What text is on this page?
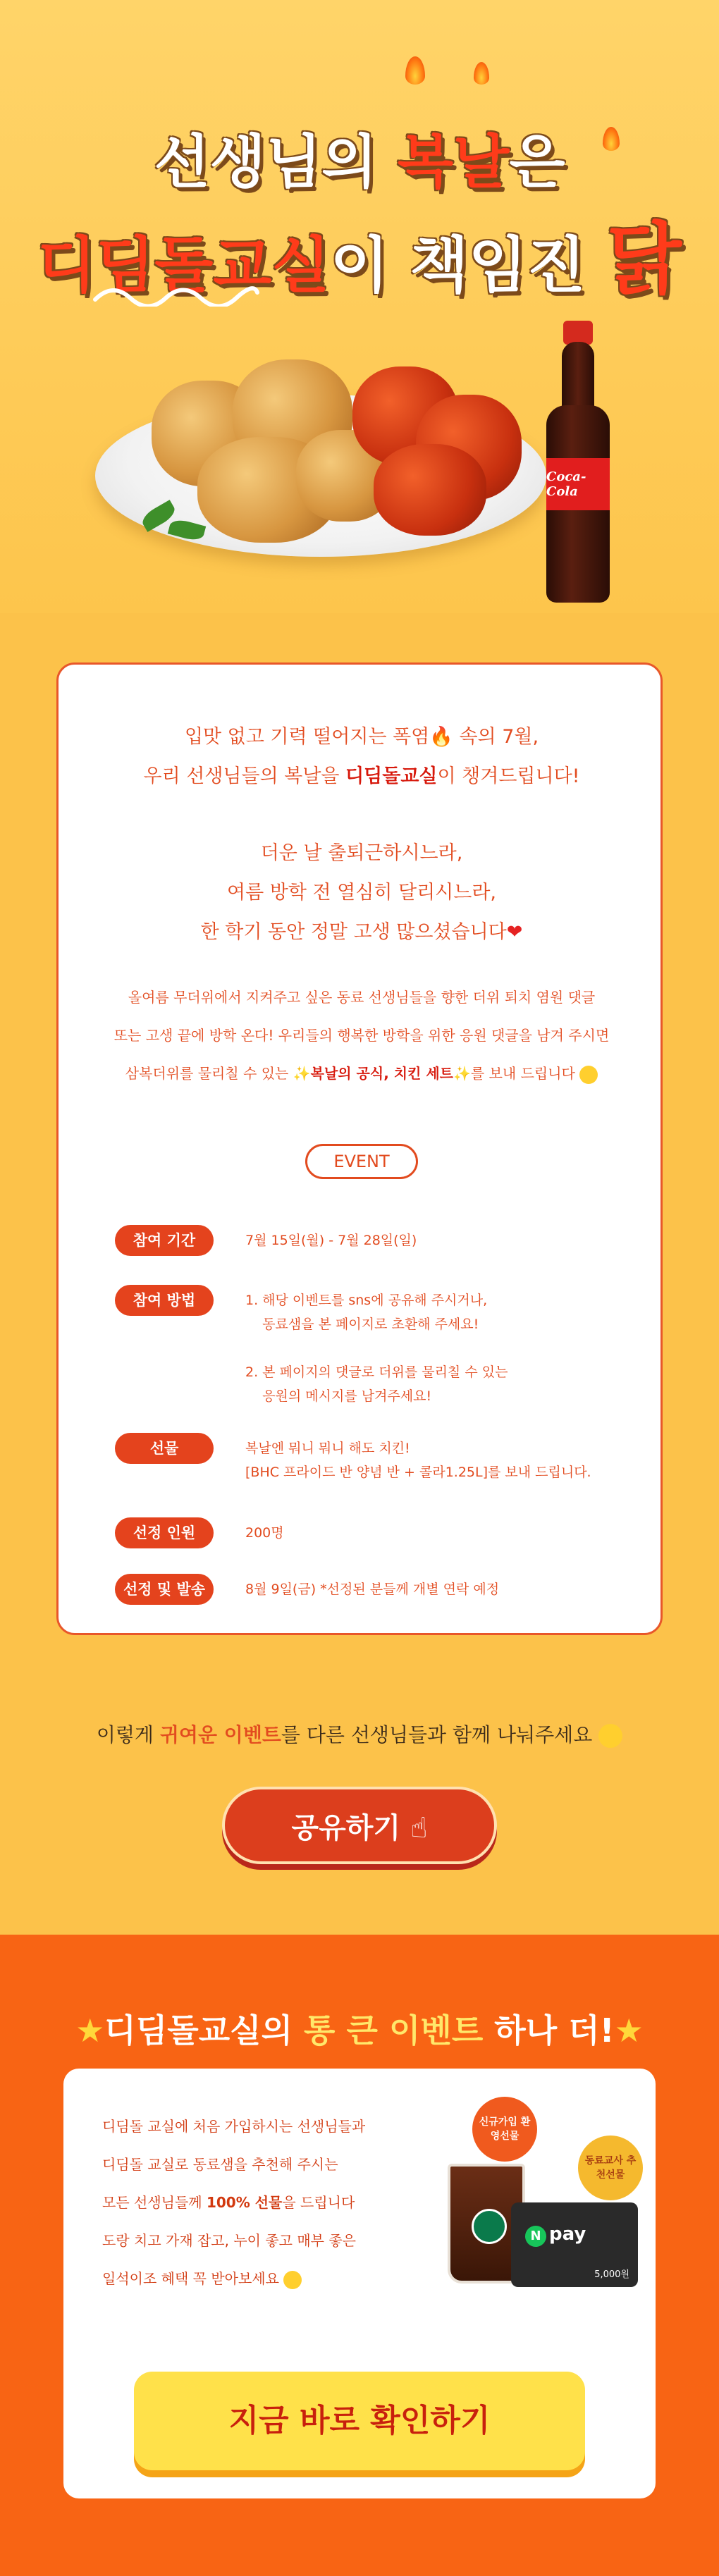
선생님의 복날은
디딤돌교실이 책임진 닭
Coca-Cola
입맛 없고 기력 떨어지는 폭염🔥 속의 7월,
우리 선생님들의 복날을 디딤돌교실이 챙겨드립니다!
더운 날 출퇴근하시느라,
여름 방학 전 열심히 달리시느라,
한 학기 동안 정말 고생 많으셨습니다❤
올여름 무더위에서 지켜주고 싶은 동료 선생님들을 향한 더위 퇴치 염원 댓글
또는 고생 끝에 방학 온다! 우리들의 행복한 방학을 위한 응원 댓글을 남겨 주시면
삼복더위를 물리칠 수 있는 ✨복날의 공식, 치킨 세트✨를 보내 드립니다
EVENT
참여 기간	7월 15일(월) - 7월 28일(일)
참여 방법	1. 해당 이벤트를 sns에 공유해 주시거나,
동료샘을 본 페이지로 초환해 주세요!

2. 본 페이지의 댓글로 더위를 물리칠 수 있는
응원의 메시지를 남겨주세요!
선물	복날엔 뭐니 뭐니 해도 치킨!
[BHC 프라이드 반 양념 반 + 콜라1.25L]를 보내 드립니다.
선정 인원	200명
선정 및 발송	8월 9일(금) *선정된 분들께 개별 연락 예정
이렇게 귀여운 이벤트를 다른 선생님들과 함께 나눠주세요
공유하기 ☝
★디딤돌교실의 통 큰 이벤트 하나 더!★
디딤돌 교실에 처음 가입하시는 선생님들과
디딤돌 교실로 동료샘을 추천해 주시는
모든 선생님들께 100% 선물을 드립니다
도랑 치고 가재 잡고, 누이 좋고 매부 좋은
일석이조 혜택 꼭 받아보세요
N pay
5,000원
신규가입 환영선물
동료교사 추천선물
지금 바로 확인하기
